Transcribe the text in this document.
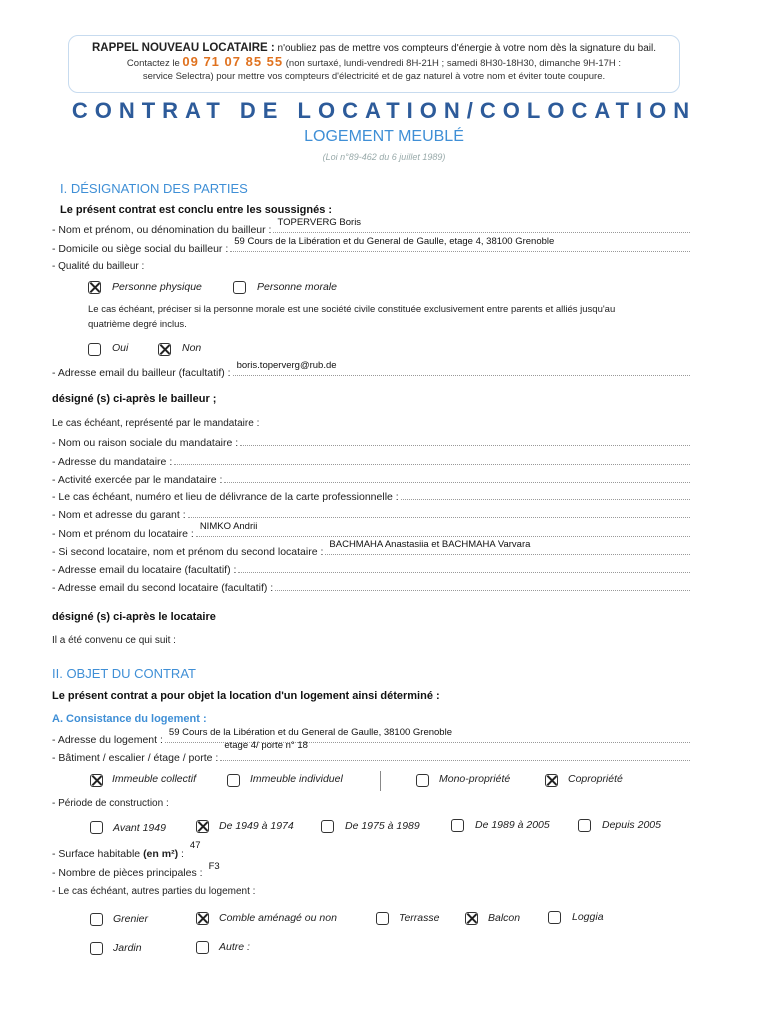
RAPPEL NOUVEAU LOCATAIRE : n'oubliez pas de mettre vos compteurs d'énergie à votre nom dès la signature du bail.
Contactez le 09 71 07 85 55 (non surtaxé, lundi-vendredi 8H-21H ; samedi 8H30-18H30, dimanche 9H-17H :
service Selectra) pour mettre vos compteurs d'électricité et de gaz naturel à votre nom et éviter toute coupure.
CONTRAT DE LOCATION/COLOCATION
LOGEMENT MEUBLÉ
(Loi n°89-462 du 6 juillet 1989)
I. DÉSIGNATION DES PARTIES
Le présent contrat est conclu entre les soussignés :
- Nom et prénom, ou dénomination du bailleur :
TOPERVERG Boris
- Domicile ou siège social du bailleur :
59 Cours de la Libération et du General de Gaulle, etage 4, 38100 Grenoble
- Qualité du bailleur :
Personne physique	Personne morale
Le cas échéant, préciser si la personne morale est une société civile constituée exclusivement entre parents et alliés jusqu'au
quatrième degré inclus.
Oui	Non
- Adresse email du bailleur (facultatif) :
boris.toperverg@rub.de
désigné (s) ci-après le bailleur ;
Le cas échéant, représenté par le mandataire :
- Nom ou raison sociale du mandataire :
- Adresse du mandataire :
- Activité exercée par le mandataire :
- Le cas échéant, numéro et lieu de délivrance de la carte professionnelle :
- Nom et adresse du garant :
- Nom et prénom du locataire :
NIMKO Andrii
- Si second locataire, nom et prénom du second locataire :
BACHMAHA Anastasiia et BACHMAHA Varvara
- Adresse email du locataire (facultatif) :
- Adresse email du second locataire (facultatif) :
désigné (s) ci-après le locataire
Il a été convenu ce qui suit :
II. OBJET DU CONTRAT
Le présent contrat a pour objet la location d'un logement ainsi déterminé :
A. Consistance du logement :
- Adresse du logement :
59 Cours de la Libération et du General de Gaulle, 38100 Grenoble
- Bâtiment / escalier / étage / porte :
etage 4/ porte n° 18
Immeuble collectif	Immeuble individuel	Mono-propriété	Copropriété
- Période de construction :
Avant 1949	De 1949 à 1974	De 1975 à 1989	De 1989 à 2005	Depuis 2005
- Surface habitable (en m²) :
47
- Nombre de pièces principales :
F3
- Le cas échéant, autres parties du logement :
Grenier	Comble aménagé ou non	Terrasse	Balcon	Loggia
Jardin	Autre :
